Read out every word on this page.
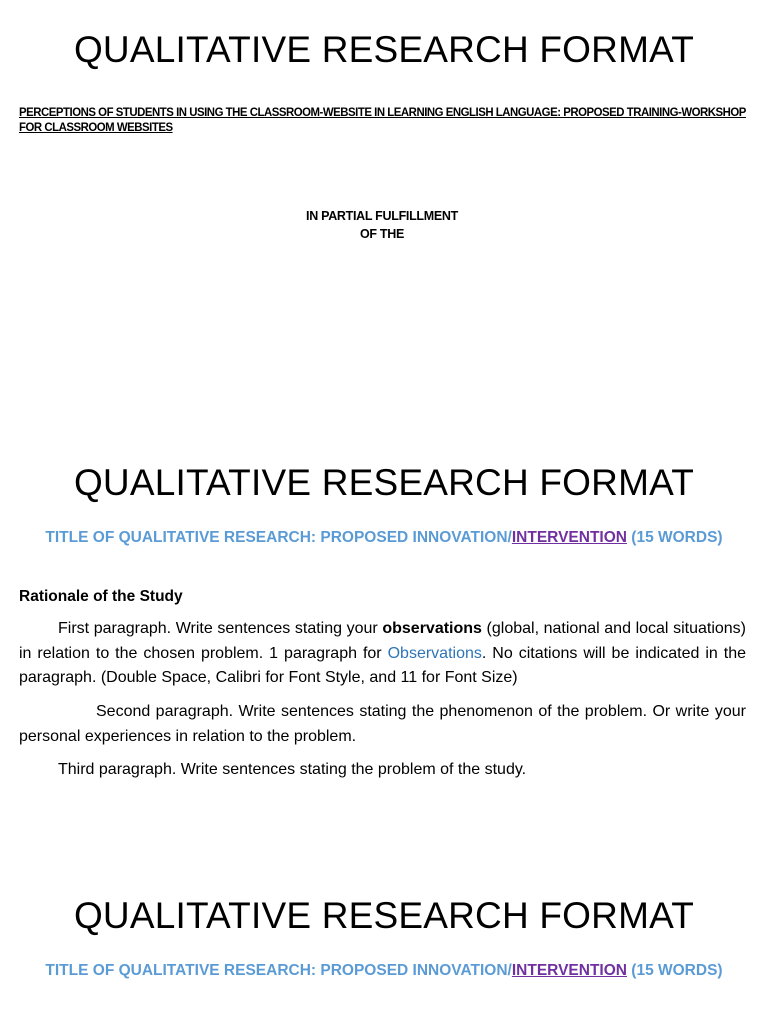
QUALITATIVE RESEARCH FORMAT
PERCEPTIONS OF STUDENTS IN USING THE CLASSROOM-WEBSITE IN LEARNING ENGLISH LANGUAGE: PROPOSED TRAINING-WORKSHOP FOR CLASSROOM WEBSITES
IN PARTIAL FULFILLMENT
OF THE
QUALITATIVE RESEARCH FORMAT
TITLE OF QUALITATIVE RESEARCH: PROPOSED INNOVATION/INTERVENTION (15 WORDS)
Rationale of the Study
First paragraph. Write sentences stating your observations (global, national and local situations) in relation to the chosen problem. 1 paragraph for Observations. No citations will be indicated in the paragraph. (Double Space, Calibri for Font Style, and 11 for Font Size)
Second paragraph. Write sentences stating the phenomenon of the problem. Or write your personal experiences in relation to the problem.
Third paragraph. Write sentences stating the problem of the study.
QUALITATIVE RESEARCH FORMAT
TITLE OF QUALITATIVE RESEARCH: PROPOSED INNOVATION/INTERVENTION (15 WORDS)
